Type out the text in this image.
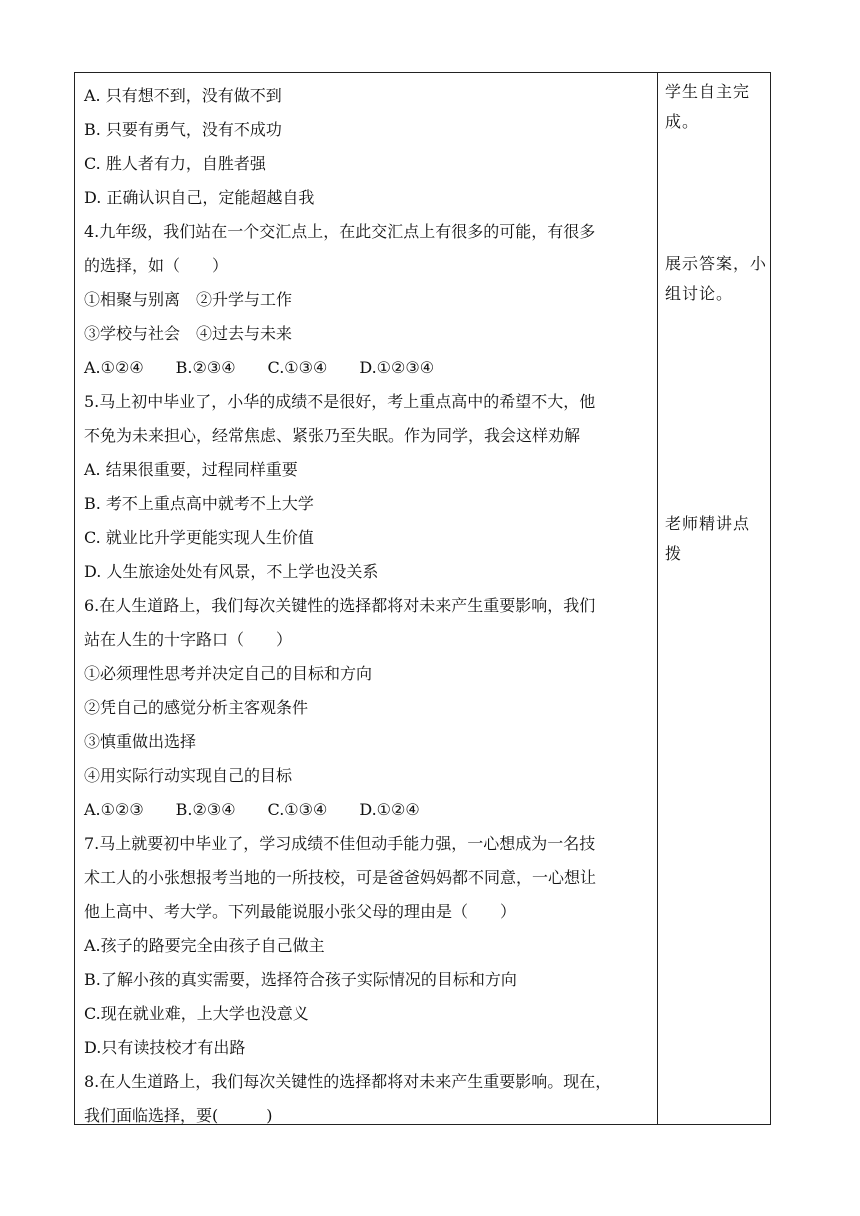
A. 只有想不到，没有做不到
B. 只要有勇气，没有不成功
C. 胜人者有力，自胜者强
D. 正确认识自己，定能超越自我
4.九年级，我们站在一个交汇点上，在此交汇点上有很多的可能，有很多
的选择，如（　　）
①相聚与别离　②升学与工作
③学校与社会　④过去与未来
A.①②④　　B.②③④　　C.①③④　　D.①②③④
5.马上初中毕业了，小华的成绩不是很好，考上重点高中的希望不大，他
不免为未来担心，经常焦虑、紧张乃至失眠。作为同学，我会这样劝解
A. 结果很重要，过程同样重要
B. 考不上重点高中就考不上大学
C. 就业比升学更能实现人生价值
D. 人生旅途处处有风景，不上学也没关系
6.在人生道路上，我们每次关键性的选择都将对未来产生重要影响，我们
站在人生的十字路口（　　）
①必须理性思考并决定自己的目标和方向
②凭自己的感觉分析主客观条件
③慎重做出选择
④用实际行动实现自己的目标
A.①②③　　B.②③④　　C.①③④　　D.①②④
7.马上就要初中毕业了，学习成绩不佳但动手能力强，一心想成为一名技
术工人的小张想报考当地的一所技校，可是爸爸妈妈都不同意，一心想让
他上高中、考大学。下列最能说服小张父母的理由是（　　）
A.孩子的路要完全由孩子自己做主
B.了解小孩的真实需要，选择符合孩子实际情况的目标和方向
C.现在就业难，上大学也没意义
D.只有读技校才有出路
8.在人生道路上，我们每次关键性的选择都将对未来产生重要影响。现在，
我们面临选择，要(　　　)
学生自主完
成。
展示答案，小
组讨论。
老师精讲点
拨
